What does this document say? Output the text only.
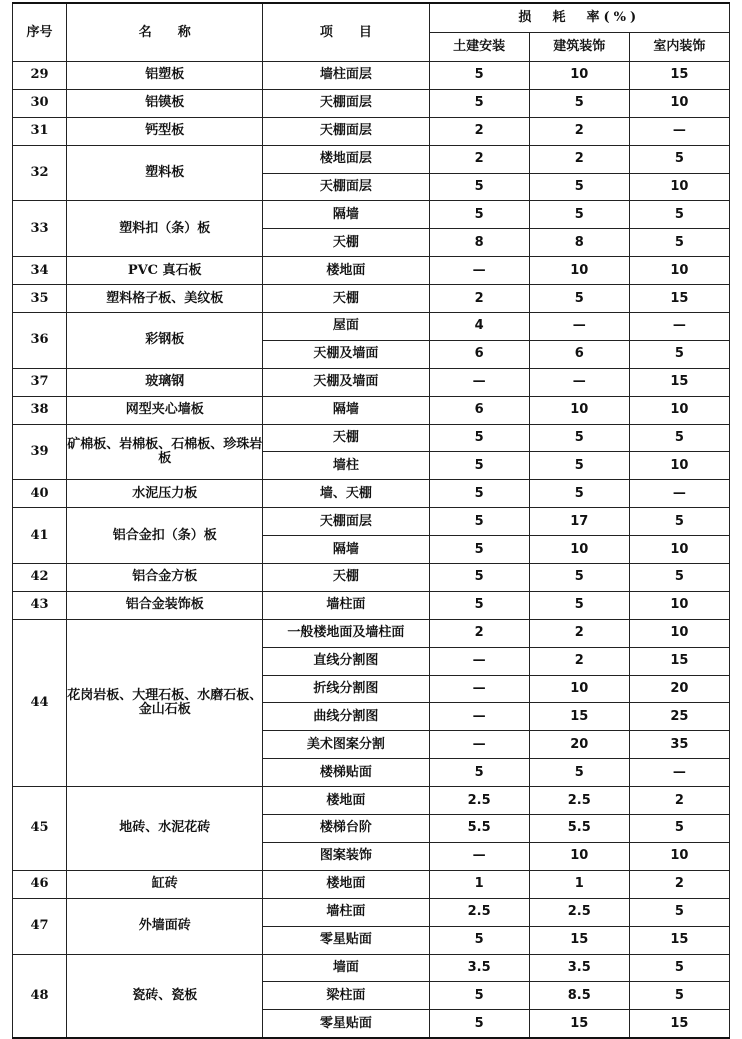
序号	名　　称	项　　目	损  耗  率(%)		
			土建安装	建筑装饰	室内装饰
29	铝塑板	墙柱面层	5	10	15
30	铝镆板	天棚面层	5	5	10
31	钙型板	天棚面层	2	2	—
32	塑料板	楼地面层	2	2	5
		天棚面层	5	5	10
33	塑料扣（条）板	隔墙	5	5	5
		天棚	8	8	5
34	PVC 真石板	楼地面	—	10	10
35	塑料格子板、美纹板	天棚	2	5	15
36	彩钢板	屋面	4	—	—
		天棚及墙面	6	6	5
37	玻璃钢	天棚及墙面	—	—	15
38	网型夹心墙板	隔墙	6	10	10
39	矿棉板、岩棉板、石棉板、珍珠岩板	天棚	5	5	5
		墙柱	5	5	10
40	水泥压力板	墙、天棚	5	5	—
41	铝合金扣（条）板	天棚面层	5	17	5
		隔墙	5	10	10
42	铝合金方板	天棚	5	5	5
43	铝合金装饰板	墙柱面	5	5	10
44	花岗岩板、大理石板、水磨石板、金山石板	一般楼地面及墙柱面	2	2	10
		直线分割图	—	2	15
		折线分割图	—	10	20
		曲线分割图	—	15	25
		美术图案分割	—	20	35
		楼梯贴面	5	5	—
45	地砖、水泥花砖	楼地面	2.5	2.5	2
		楼梯台阶	5.5	5.5	5
		图案装饰	—	10	10
46	缸砖	楼地面	1	1	2
47	外墙面砖	墙柱面	2.5	2.5	5
		零星贴面	5	15	15
48	瓷砖、瓷板	墙面	3.5	3.5	5
		梁柱面	5	8.5	5
		零星贴面	5	15	15
